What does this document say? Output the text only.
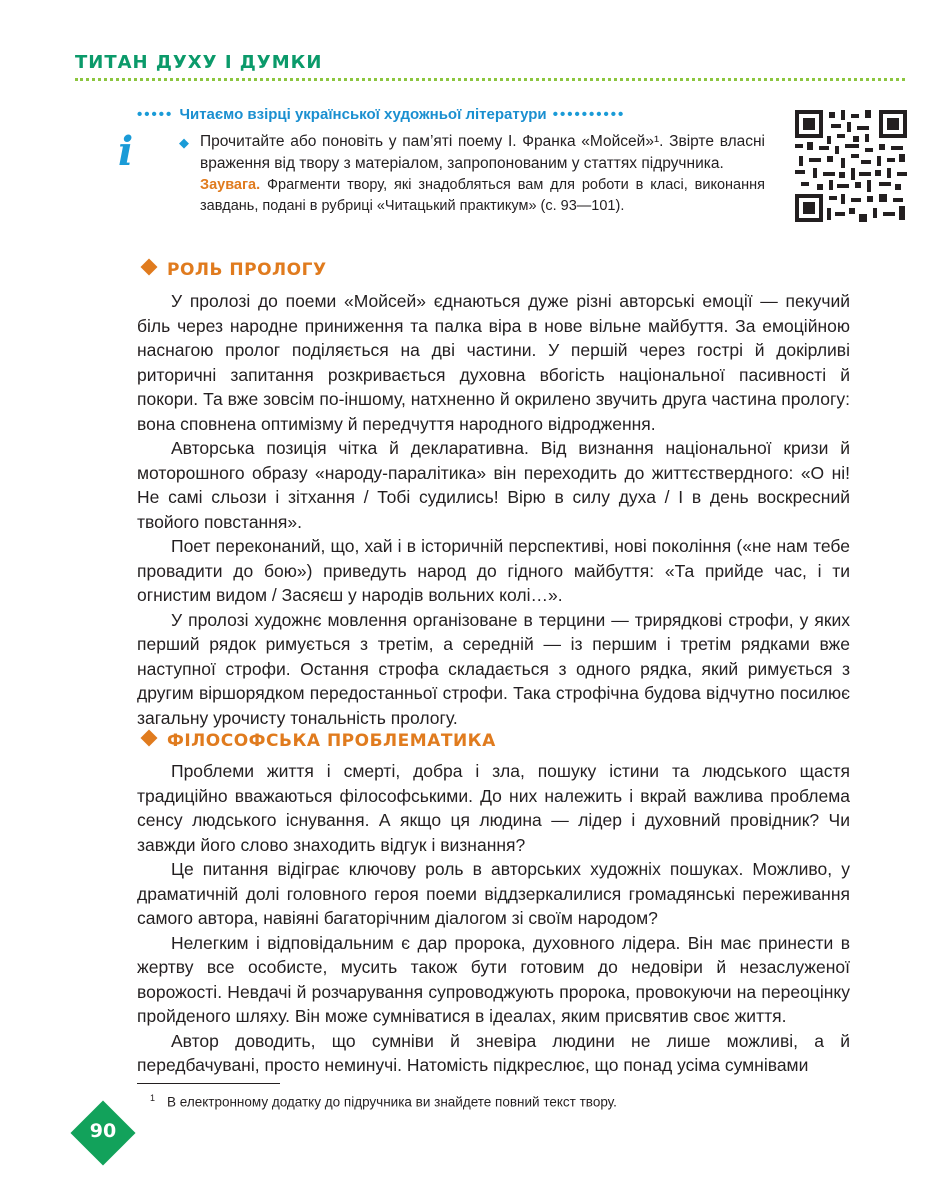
ТИТАН ДУХУ І ДУМКИ
i
••••• Читаємо взірці української художньої літератури ••••••••••
◆ Прочитайте або поновіть у пам’яті поему І. Франка «Мойсей»¹. Звірте власні враження від твору з матеріалом, запропонованим у статтях підручника.
Заувага. Фрагменти твору, які знадобляться вам для роботи в класі, виконання завдань, подані в рубриці «Читацький практикум» (с. 93—101).
РОЛЬ ПРОЛОГУ

У пролозі до поеми «Мойсей» єднаються дуже різні авторські емоції — пекучий біль через народне приниження та палка віра в нове вільне майбуття. За емоційною наснагою пролог поділяється на дві частини. У першій через гострі й докірливі риторичні запитання розкривається духовна вбогість національної пасивності й покори. Та вже зовсім по-іншому, натхненно й окрилено звучить друга частина прологу: вона сповнена оптимізму й передчуття народного відродження.

Авторська позиція чітка й декларативна. Від визнання національної кризи й моторошного образу «народу-паралітика» він переходить до життєствердного: «О ні! Не самі сльози і зітхання / Тобі судились! Вірю в силу духа / І в день воскресний твойого повстання».

Поет переконаний, що, хай і в історичній перспективі, нові покоління («не нам тебе провадити до бою») приведуть народ до гідного майбуття: «Та прийде час, і ти огнистим видом / Засяєш у народів вольних колі…».

У пролозі художнє мовлення організоване в терцини — трирядкові строфи, у яких перший рядок римується з третім, а середній — із першим і третім рядками вже наступної строфи. Остання строфа складається з одного рядка, який римується з другим віршорядком передостанньої строфи. Така строфічна будова відчутно посилює загальну урочисту тональність прологу.

ФІЛОСОФСЬКА ПРОБЛЕМАТИКА

Проблеми життя і смерті, добра і зла, пошуку істини та людського щастя традиційно вважаються філософськими. До них належить і вкрай важлива проблема сенсу людського існування. А якщо ця людина — лідер і духовний провідник? Чи завжди його слово знаходить відгук і визнання?

Це питання відіграє ключову роль в авторських художніх пошуках. Можливо, у драматичній долі головного героя поеми віддзеркалилися громадянські переживання самого автора, навіяні багаторічним діалогом зі своїм народом?

Нелегким і відповідальним є дар пророка, духовного лідера. Він має принести в жертву все особисте, мусить також бути готовим до недовіри й незаслуженої ворожості. Невдачі й розчарування супроводжують пророка, провокуючи на переоцінку пройденого шляху. Він може сумніватися в ідеалах, яким присвятив своє життя.

Автор доводить, що сумніви й зневіра людини не лише можливі, а й передбачувані, просто неминучі. Натомість підкреслює, що понад усіма сумнівами

$^1$ В електронному додатку до підручника ви знайдете повний текст твору.
90
